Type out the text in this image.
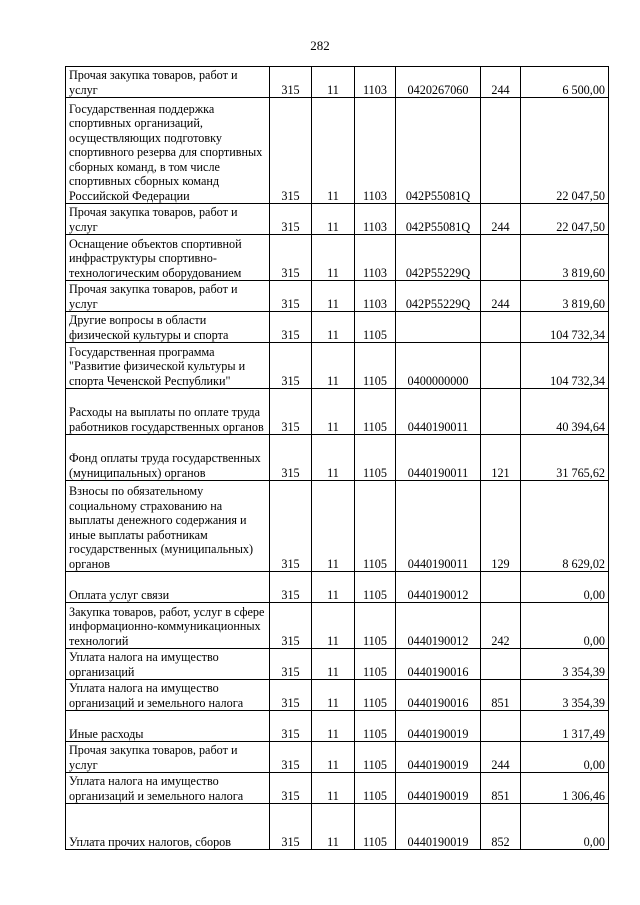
282
Прочая закупка товаров, работ и услуг	315	11	1103	0420267060	244	6 500,00
Государственная поддержка спортивных организаций, осуществляющих подготовку спортивного резерва для спортивных сборных команд, в том числе спортивных сборных команд Российской Федерации	315	11	1103	042P55081Q		22 047,50
Прочая закупка товаров, работ и услуг	315	11	1103	042P55081Q	244	22 047,50
Оснащение объектов спортивной инфраструктуры спортивно-технологическим оборудованием	315	11	1103	042P55229Q		3 819,60
Прочая закупка товаров, работ и услуг	315	11	1103	042P55229Q	244	3 819,60
Другие вопросы в области физической культуры и спорта	315	11	1105			104 732,34
Государственная программа "Развитие физической культуры и спорта Чеченской Республики"	315	11	1105	0400000000		104 732,34
Расходы на выплаты по оплате труда работников государственных органов	315	11	1105	0440190011		40 394,64
Фонд оплаты труда государственных (муниципальных) органов	315	11	1105	0440190011	121	31 765,62
Взносы по обязательному социальному страхованию на выплаты денежного содержания и иные выплаты работникам государственных (муниципальных) органов	315	11	1105	0440190011	129	8 629,02
Оплата услуг связи	315	11	1105	0440190012		0,00
Закупка товаров, работ, услуг в сфере информационно-коммуникационных технологий	315	11	1105	0440190012	242	0,00
Уплата налога на имущество организаций	315	11	1105	0440190016		3 354,39
Уплата налога на имущество организаций и земельного налога	315	11	1105	0440190016	851	3 354,39
Иные расходы	315	11	1105	0440190019		1 317,49
Прочая закупка товаров, работ и услуг	315	11	1105	0440190019	244	0,00
Уплата налога на имущество организаций и земельного налога	315	11	1105	0440190019	851	1 306,46
Уплата прочих налогов, сборов	315	11	1105	0440190019	852	0,00
